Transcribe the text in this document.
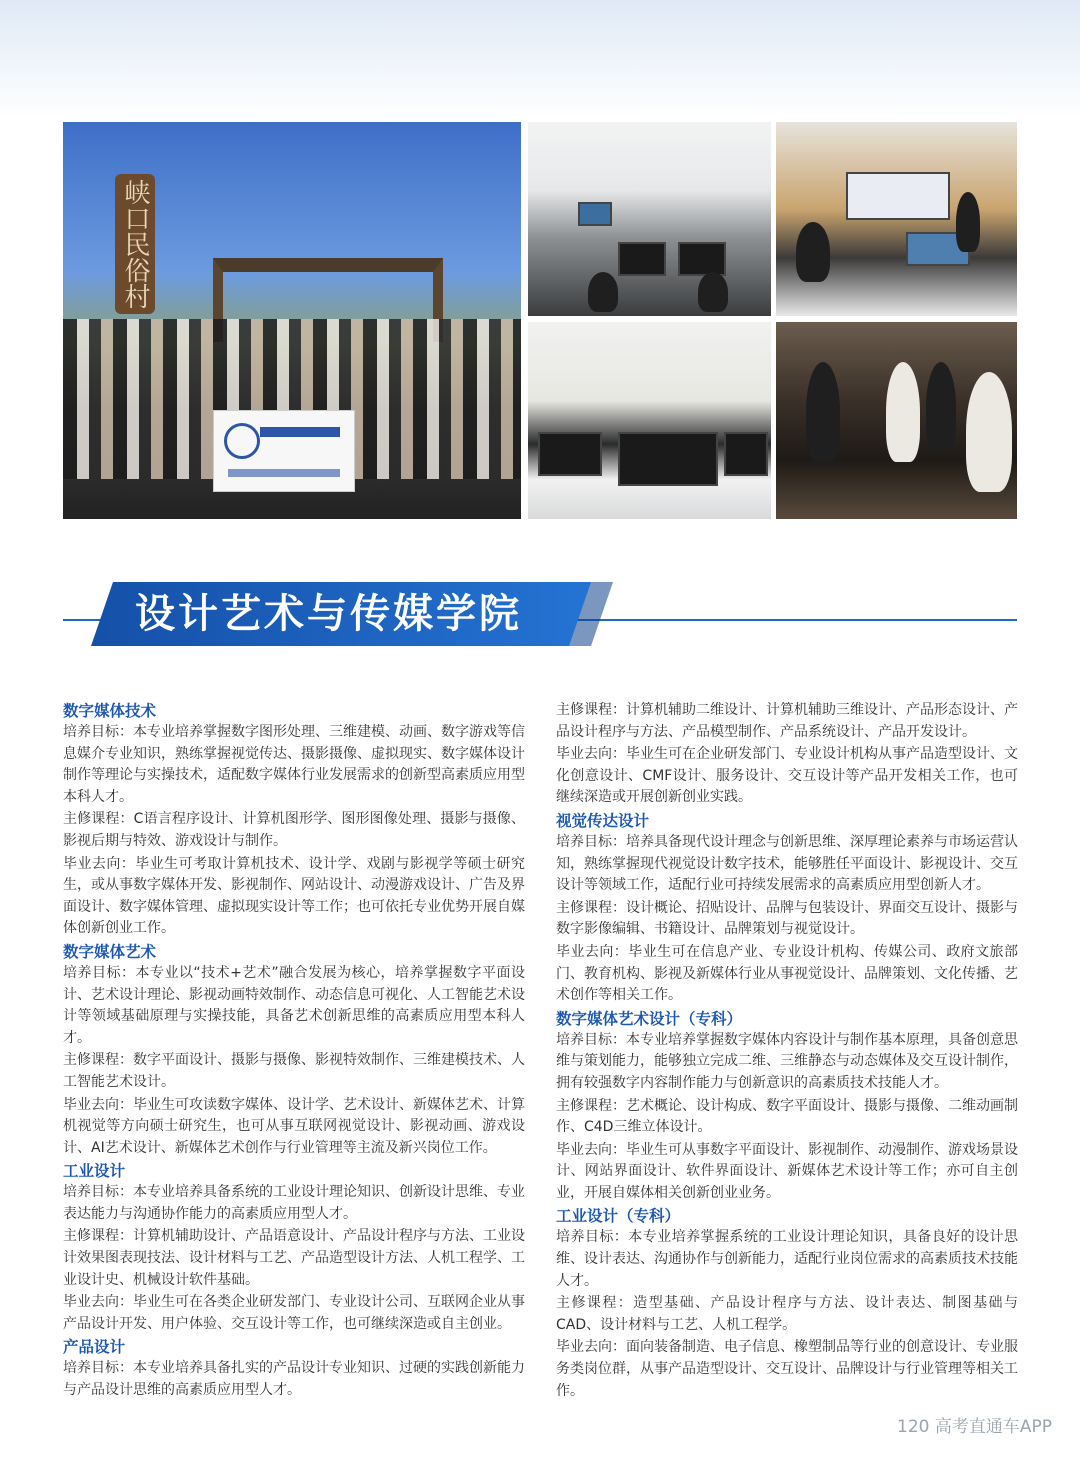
峡口民俗村
设计艺术与传媒学院
数字媒体技术

培养目标：本专业培养掌握数字图形处理、三维建模、动画、数字游戏等信息媒介专业知识，熟练掌握视觉传达、摄影摄像、虚拟现实、数字媒体设计制作等理论与实操技术，适配数字媒体行业发展需求的创新型高素质应用型本科人才。

主修课程：C语言程序设计、计算机图形学、图形图像处理、摄影与摄像、影视后期与特效、游戏设计与制作。

毕业去向：毕业生可考取计算机技术、设计学、戏剧与影视学等硕士研究生，或从事数字媒体开发、影视制作、网站设计、动漫游戏设计、广告及界面设计、数字媒体管理、虚拟现实设计等工作；也可依托专业优势开展自媒体创新创业工作。

数字媒体艺术

培养目标：本专业以“技术+艺术”融合发展为核心，培养掌握数字平面设计、艺术设计理论、影视动画特效制作、动态信息可视化、人工智能艺术设计等领域基础原理与实操技能，具备艺术创新思维的高素质应用型本科人才。

主修课程：数字平面设计、摄影与摄像、影视特效制作、三维建模技术、人工智能艺术设计。

毕业去向：毕业生可攻读数字媒体、设计学、艺术设计、新媒体艺术、计算机视觉等方向硕士研究生，也可从事互联网视觉设计、影视动画、游戏设计、AI艺术设计、新媒体艺术创作与行业管理等主流及新兴岗位工作。

工业设计

培养目标：本专业培养具备系统的工业设计理论知识、创新设计思维、专业表达能力与沟通协作能力的高素质应用型人才。

主修课程：计算机辅助设计、产品语意设计、产品设计程序与方法、工业设计效果图表现技法、设计材料与工艺、产品造型设计方法、人机工程学、工业设计史、机械设计软件基础。

毕业去向：毕业生可在各类企业研发部门、专业设计公司、互联网企业从事产品设计开发、用户体验、交互设计等工作，也可继续深造或自主创业。

产品设计

培养目标：本专业培养具备扎实的产品设计专业知识、过硬的实践创新能力与产品设计思维的高素质应用型人才。

主修课程：计算机辅助二维设计、计算机辅助三维设计、产品形态设计、产品设计程序与方法、产品模型制作、产品系统设计、产品开发设计。

毕业去向：毕业生可在企业研发部门、专业设计机构从事产品造型设计、文化创意设计、CMF设计、服务设计、交互设计等产品开发相关工作，也可继续深造或开展创新创业实践。

视觉传达设计

培养目标：培养具备现代设计理念与创新思维、深厚理论素养与市场运营认知，熟练掌握现代视觉设计数字技术，能够胜任平面设计、影视设计、交互设计等领域工作，适配行业可持续发展需求的高素质应用型创新人才。

主修课程：设计概论、招贴设计、品牌与包装设计、界面交互设计、摄影与数字影像编辑、书籍设计、品牌策划与视觉设计。

毕业去向：毕业生可在信息产业、专业设计机构、传媒公司、政府文旅部门、教育机构、影视及新媒体行业从事视觉设计、品牌策划、文化传播、艺术创作等相关工作。

数字媒体艺术设计（专科）

培养目标：本专业培养掌握数字媒体内容设计与制作基本原理，具备创意思维与策划能力，能够独立完成二维、三维静态与动态媒体及交互设计制作，拥有较强数字内容制作能力与创新意识的高素质技术技能人才。

主修课程：艺术概论、设计构成、数字平面设计、摄影与摄像、二维动画制作、C4D三维立体设计。

毕业去向：毕业生可从事数字平面设计、影视制作、动漫制作、游戏场景设计、网站界面设计、软件界面设计、新媒体艺术设计等工作；亦可自主创业，开展自媒体相关创新创业业务。

工业设计（专科）

培养目标：本专业培养掌握系统的工业设计理论知识，具备良好的设计思维、设计表达、沟通协作与创新能力，适配行业岗位需求的高素质技术技能人才。

主修课程：造型基础、产品设计程序与方法、设计表达、制图基础与CAD、设计材料与工艺、人机工程学。

毕业去向：面向装备制造、电子信息、橡塑制品等行业的创意设计、专业服务类岗位群，从事产品造型设计、交互设计、品牌设计与行业管理等相关工作。

120 高考直通车APP
